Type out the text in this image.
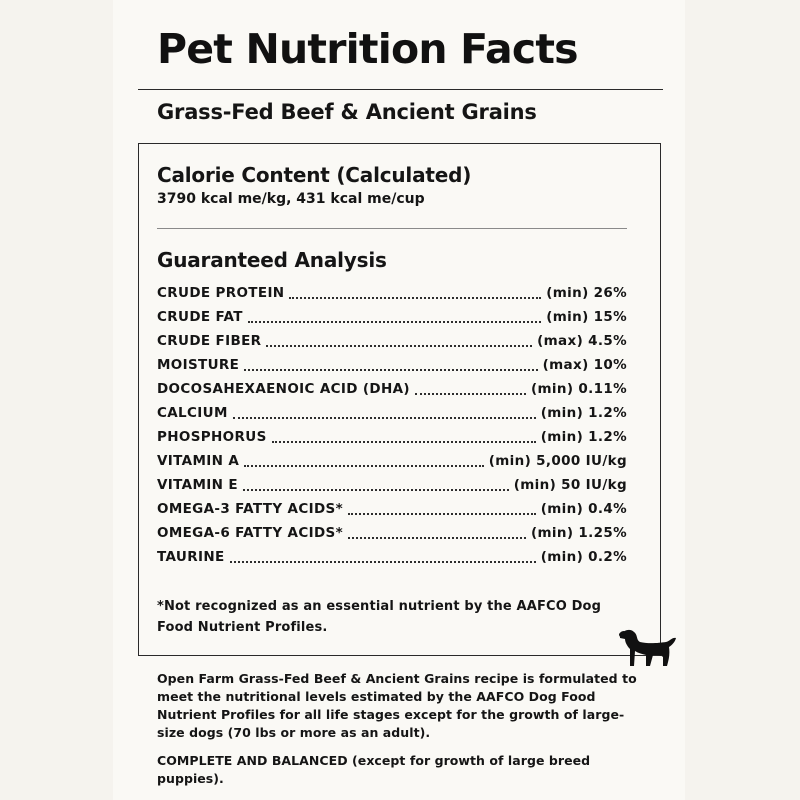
Pet Nutrition Facts
Grass-Fed Beef & Ancient Grains
Calorie Content (Calculated)
3790 kcal me/kg, 431 kcal me/cup
Guaranteed Analysis
CRUDE PROTEIN	(min) 26%
CRUDE FAT	(min) 15%
CRUDE FIBER	(max) 4.5%
MOISTURE	(max) 10%
DOCOSAHEXAENOIC ACID (DHA)	(min) 0.11%
CALCIUM	(min) 1.2%
PHOSPHORUS	(min) 1.2%
VITAMIN A	(min) 5,000 IU/kg
VITAMIN E	(min) 50 IU/kg
OMEGA-3 FATTY ACIDS*	(min) 0.4%
OMEGA-6 FATTY ACIDS*	(min) 1.25%
TAURINE	(min) 0.2%
*Not recognized as an essential nutrient by the AAFCO Dog Food Nutrient Profiles.

Open Farm Grass-Fed Beef & Ancient Grains recipe is formulated to meet the nutritional levels estimated by the AAFCO Dog Food Nutrient Profiles for all life stages except for the growth of large-size dogs (70 lbs or more as an adult).

COMPLETE AND BALANCED (except for growth of large breed puppies).
